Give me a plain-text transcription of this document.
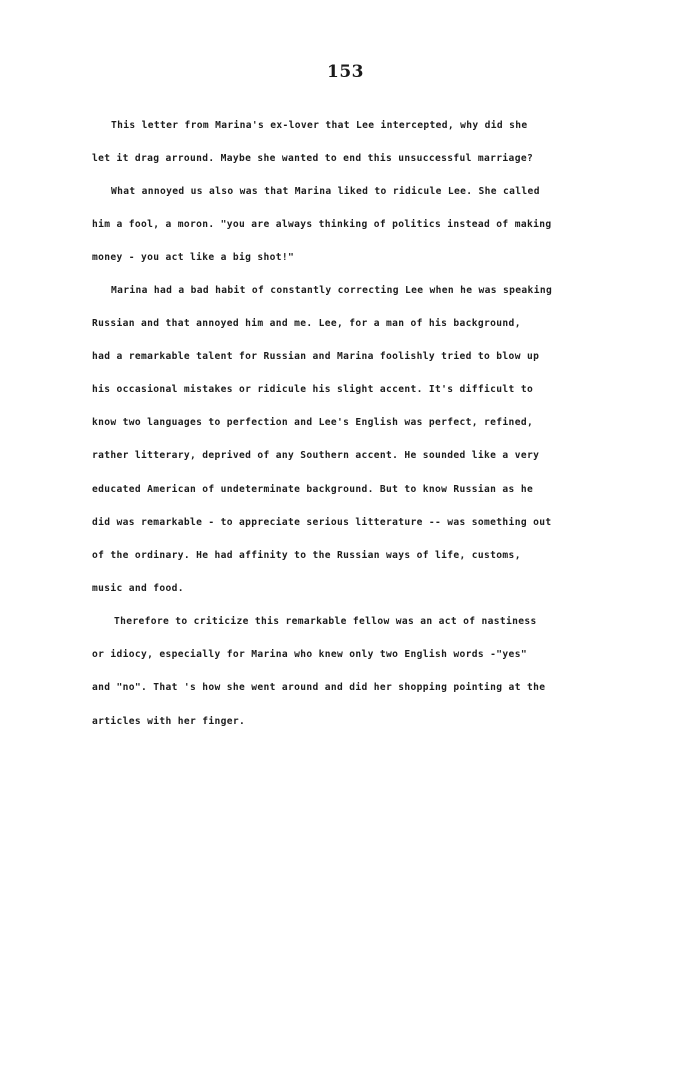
153
This letter from Marina's ex-lover that Lee intercepted, why did she
let it drag arround. Maybe she wanted to end this unsuccessful marriage?
What annoyed us also was that Marina liked to ridicule Lee. She called
him a fool, a moron. "you are always thinking of politics instead of making
money - you act like a big shot!"
Marina had a bad habit of constantly correcting Lee when he was speaking
Russian and that annoyed him and me. Lee, for a man of his background,
had a remarkable talent for Russian and Marina foolishly tried to blow up
his occasional mistakes or ridicule his slight accent. It's difficult to
know two languages to perfection and Lee's English was perfect, refined,
rather litterary, deprived of any Southern accent. He sounded like a very
educated American of undeterminate background. But to know Russian as he
did was remarkable - to appreciate serious litterature -- was something out
of the ordinary. He had affinity to the Russian ways of life, customs,
music and food.
Therefore to criticize this remarkable fellow was an act of nastiness
or idiocy, especially for Marina who knew only two English words -"yes"
and "no". That 's how she went around and did her shopping pointing at the
articles with her finger.
